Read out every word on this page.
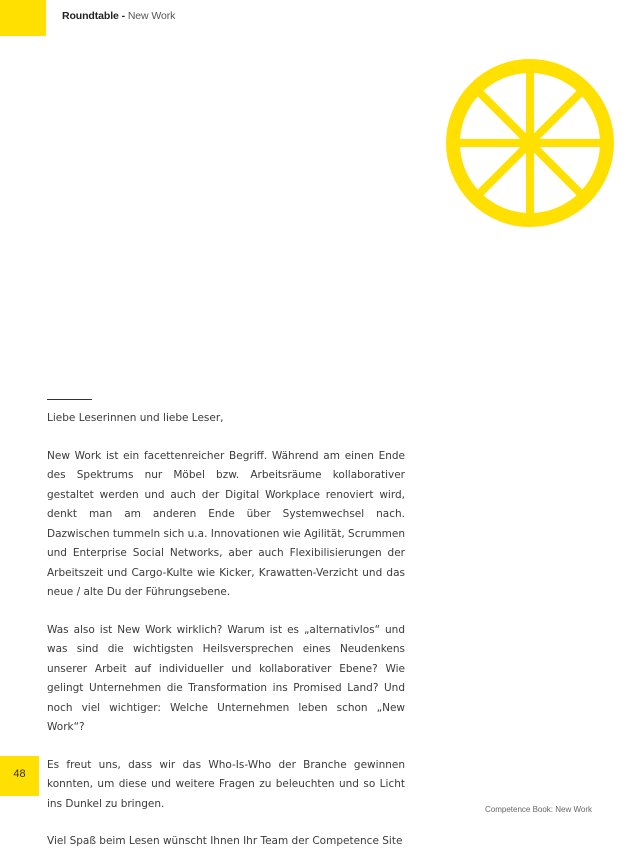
Roundtable - New Work

Liebe Leserinnen und liebe Leser,

New Work ist ein facettenreicher Begriff. Während am einen Ende des Spektrums nur Möbel bzw. Arbeitsräume kollaborativer gestaltet werden und auch der Digital Workplace renoviert wird, denkt man am anderen Ende über Systemwechsel nach. Dazwischen tummeln sich u.a. Innovationen wie Agilität, Scrummen und Enterprise Social Networks, aber auch Flexibilisierungen der Arbeitszeit und Cargo-Kulte wie Kicker, Krawatten-Verzicht und das neue / alte Du der Führungsebene.

Was also ist New Work wirklich? Warum ist es „alternativlos“ und was sind die wichtigsten Heilsversprechen eines Neudenkens unserer Arbeit auf individueller und kollaborativer Ebene? Wie gelingt Unternehmen die Transformation ins Promised Land? Und noch viel wichtiger: Welche Unternehmen leben schon „New Work“?

Es freut uns, dass wir das Who-Is-Who der Branche gewinnen konnten, um diese und weitere Fragen zu beleuchten und so Licht ins Dunkel zu bringen.

Viel Spaß beim Lesen wünscht Ihnen Ihr Team der Competence Site

48
Competence Book: New Work
